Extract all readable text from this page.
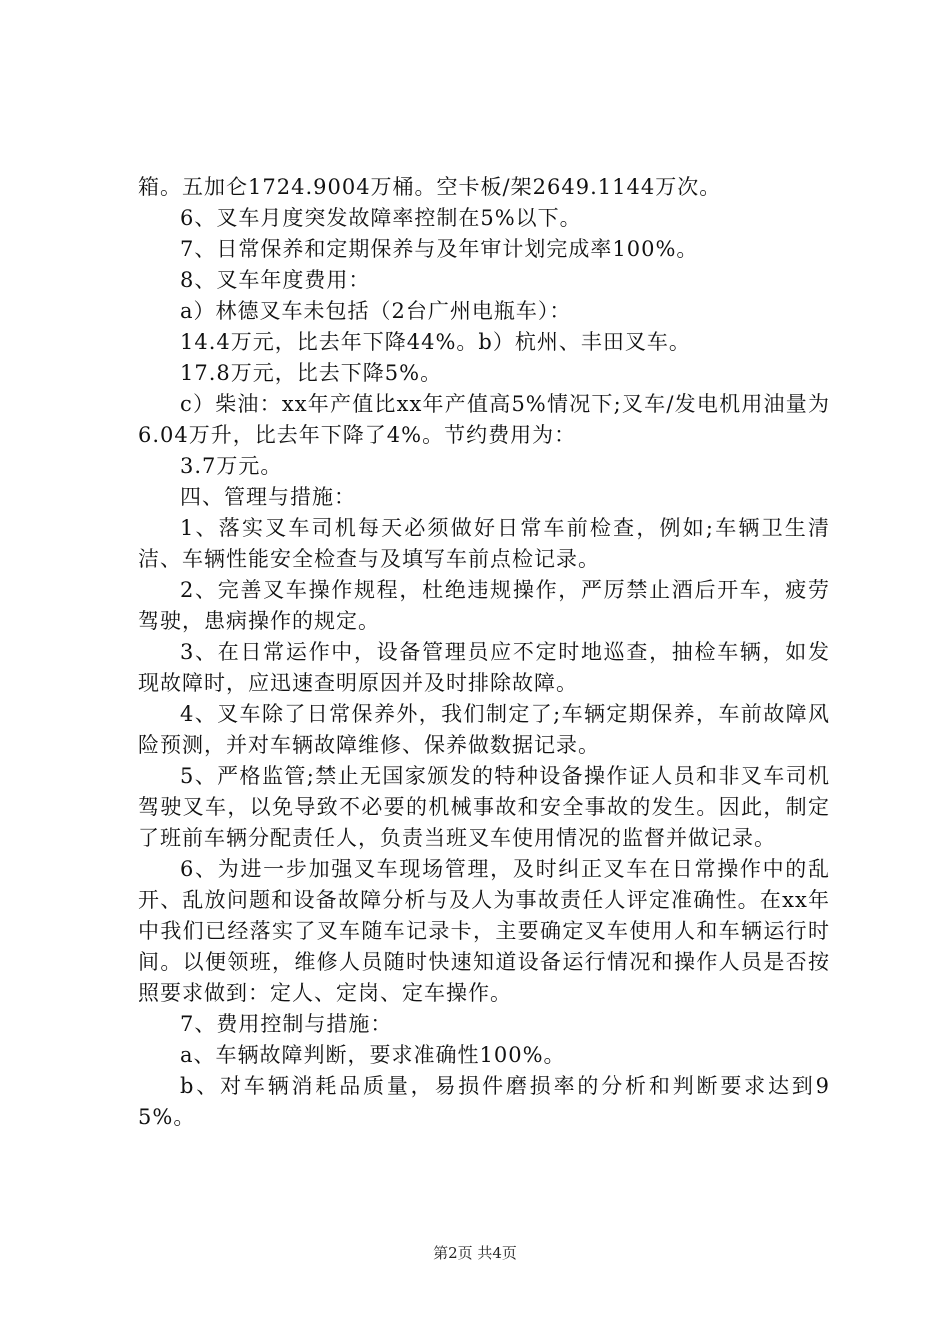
箱。五加仑1724.9004万桶。空卡板/架2649.1144万次。

6、叉车月度突发故障率控制在5%以下。

7、日常保养和定期保养与及年审计划完成率100%。

8、叉车年度费用：

a）林德叉车未包括（2台广州电瓶车）：

14.4万元，比去年下降44%。b）杭州、丰田叉车。

17.8万元，比去下降5%。

c）柴油：xx年产值比xx年产值高5%情况下;叉车/发电机用油量为6.04万升，比去年下降了4%。节约费用为：

3.7万元。

四、管理与措施：

1、落实叉车司机每天必须做好日常车前检查，例如;车辆卫生清洁、车辆性能安全检查与及填写车前点检记录。

2、完善叉车操作规程，杜绝违规操作，严厉禁止酒后开车，疲劳驾驶，患病操作的规定。

3、在日常运作中，设备管理员应不定时地巡查，抽检车辆，如发现故障时，应迅速查明原因并及时排除故障。

4、叉车除了日常保养外，我们制定了;车辆定期保养，车前故障风险预测，并对车辆故障维修、保养做数据记录。

5、严格监管;禁止无国家颁发的特种设备操作证人员和非叉车司机驾驶叉车，以免导致不必要的机械事故和安全事故的发生。因此，制定了班前车辆分配责任人，负责当班叉车使用情况的监督并做记录。

6、为进一步加强叉车现场管理，及时纠正叉车在日常操作中的乱开、乱放问题和设备故障分析与及人为事故责任人评定准确性。在xx年中我们已经落实了叉车随车记录卡，主要确定叉车使用人和车辆运行时间。以便领班，维修人员随时快速知道设备运行情况和操作人员是否按照要求做到：定人、定岗、定车操作。

7、费用控制与措施：

a、车辆故障判断，要求准确性100%。

b、对车辆消耗品质量，易损件磨损率的分析和判断要求达到95%。

第2页 共4页
